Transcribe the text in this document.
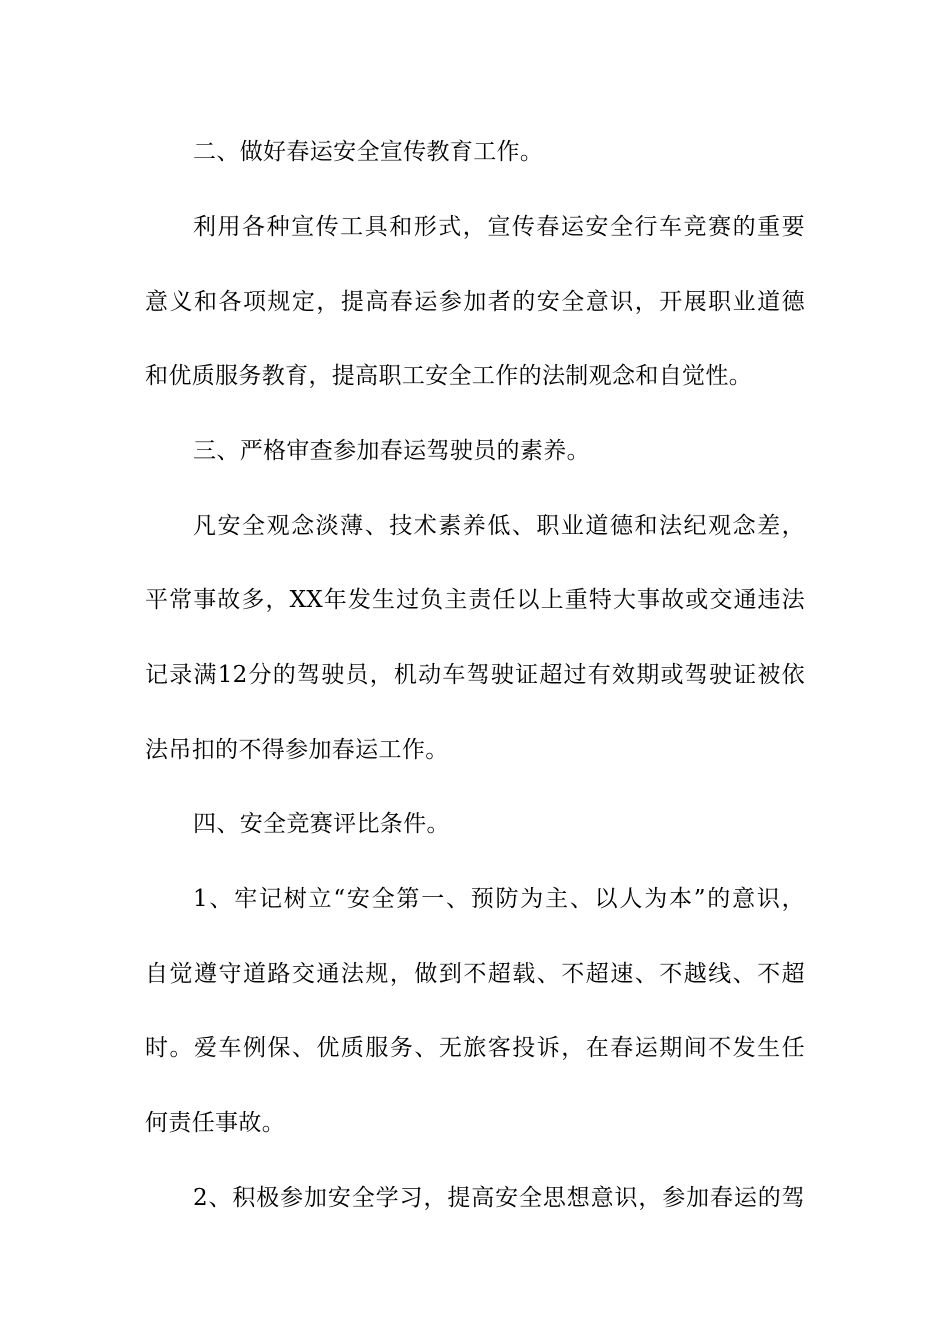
二、做好春运安全宣传教育工作。
利用各种宣传工具和形式，宣传春运安全行车竞赛的重要
意义和各项规定，提高春运参加者的安全意识，开展职业道德
和优质服务教育，提高职工安全工作的法制观念和自觉性。
三、严格审查参加春运驾驶员的素养。
凡安全观念淡薄、技术素养低、职业道德和法纪观念差，
平常事故多，XX年发生过负主责任以上重特大事故或交通违法
记录满12分的驾驶员，机动车驾驶证超过有效期或驾驶证被依
法吊扣的不得参加春运工作。
四、安全竞赛评比条件。
1、牢记树立“安全第一、预防为主、以人为本”的意识，
自觉遵守道路交通法规，做到不超载、不超速、不越线、不超
时。爱车例保、优质服务、无旅客投诉，在春运期间不发生任
何责任事故。
2、积极参加安全学习，提高安全思想意识，参加春运的驾
